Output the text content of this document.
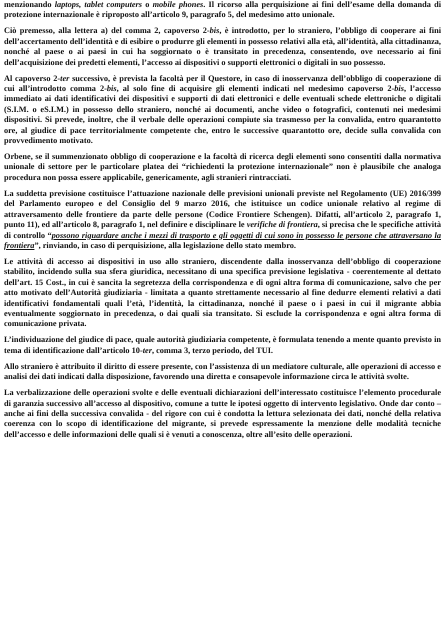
menzionando laptops, tablet computers o mobile phones. Il ricorso alla perquisizione ai fini dell’esame della domanda di protezione internazionale è riproposto all’articolo 9, paragrafo 5, del medesimo atto unionale.

Ciò premesso, alla lettera a) del comma 2, capoverso 2-bis, è introdotto, per lo straniero, l’obbligo di cooperare ai fini dell’accertamento dell’identità e di esibire o produrre gli elementi in possesso relativi alla età, all’identità, alla cittadinanza, nonché al paese o ai paesi in cui ha soggiornato o è transitato in precedenza, consentendo, ove necessario ai fini dell’acquisizione dei predetti elementi, l’accesso ai dispositivi o supporti elettronici o digitali in suo possesso.

Al capoverso 2-ter successivo, è prevista la facoltà per il Questore, in caso di inosservanza dell’obbligo di cooperazione di cui all’introdotto comma 2-bis, al solo fine di acquisire gli elementi indicati nel medesimo capoverso 2-bis, l’accesso immediato ai dati identificativi dei dispositivi e supporti di dati elettronici e delle eventuali schede elettroniche o digitali (S.I.M. o eS.I.M.) in possesso dello straniero, nonché ai documenti, anche video o fotografici, contenuti nei medesimi dispositivi. Si prevede, inoltre, che il verbale delle operazioni compiute sia trasmesso per la convalida, entro quarantotto ore, al giudice di pace territorialmente competente che, entro le successive quarantotto ore, decide sulla convalida con provvedimento motivato.

Orbene, se il summenzionato obbligo di cooperazione e la facoltà di ricerca degli elementi sono consentiti dalla normativa unionale di settore per le particolare platea dei “richiedenti la protezione internazionale” non è plausibile che analoga procedura non possa essere applicabile, genericamente, agli stranieri rintracciati.

La suddetta previsione costituisce l’attuazione nazionale delle previsioni unionali previste nel Regolamento (UE) 2016/399 del Parlamento europeo e del Consiglio del 9 marzo 2016, che istituisce un codice unionale relativo al regime di attraversamento delle frontiere da parte delle persone (Codice Frontiere Schengen). Difatti, all’articolo 2, paragrafo 1, punto 11), ed all’articolo 8, paragrafo 1, nel definire e disciplinare le verifiche di frontiera, si precisa che le specifiche attività di controllo “possono riguardare anche i mezzi di trasporto e gli oggetti di cui sono in possesso le persone che attraversano la frontiera”, rinviando, in caso di perquisizione, alla legislazione dello stato membro.

Le attività di accesso ai dispositivi in uso allo straniero, discendente dalla inosservanza dell’obbligo di cooperazione stabilito, incidendo sulla sua sfera giuridica, necessitano di una specifica previsione legislativa - coerentemente al dettato dell’art. 15 Cost., in cui è sancita la segretezza della corrispondenza e di ogni altra forma di comunicazione, salvo che per atto motivato dell’Autorità giudiziaria - limitata a quanto strettamente necessario al fine dedurre elementi relativi a dati identificativi fondamentali quali l’età, l’identità, la cittadinanza, nonché il paese o i paesi in cui il migrante abbia eventualmente soggiornato in precedenza, o dai quali sia transitato. Si esclude la corrispondenza e ogni altra forma di comunicazione privata.

L’individuazione del giudice di pace, quale autorità giudiziaria competente, è formulata tenendo a mente quanto previsto in tema di identificazione dall’articolo 10-ter, comma 3, terzo periodo, del TUI.

Allo straniero è attribuito il diritto di essere presente, con l’assistenza di un mediatore culturale, alle operazioni di accesso e analisi dei dati indicati dalla disposizione, favorendo una diretta e consapevole informazione circa le attività svolte.

La verbalizzazione delle operazioni svolte e delle eventuali dichiarazioni dell’interessato costituisce l’elemento procedurale di garanzia successivo all’accesso al dispositivo, comune a tutte le ipotesi oggetto di intervento legislativo. Onde dar conto – anche ai fini della successiva convalida - del rigore con cui è condotta la lettura selezionata dei dati, nonché della relativa coerenza con lo scopo di identificazione del migrante, si prevede espressamente la menzione delle modalità tecniche dell’accesso e delle informazioni delle quali si è venuti a conoscenza, oltre all’esito delle operazioni.
